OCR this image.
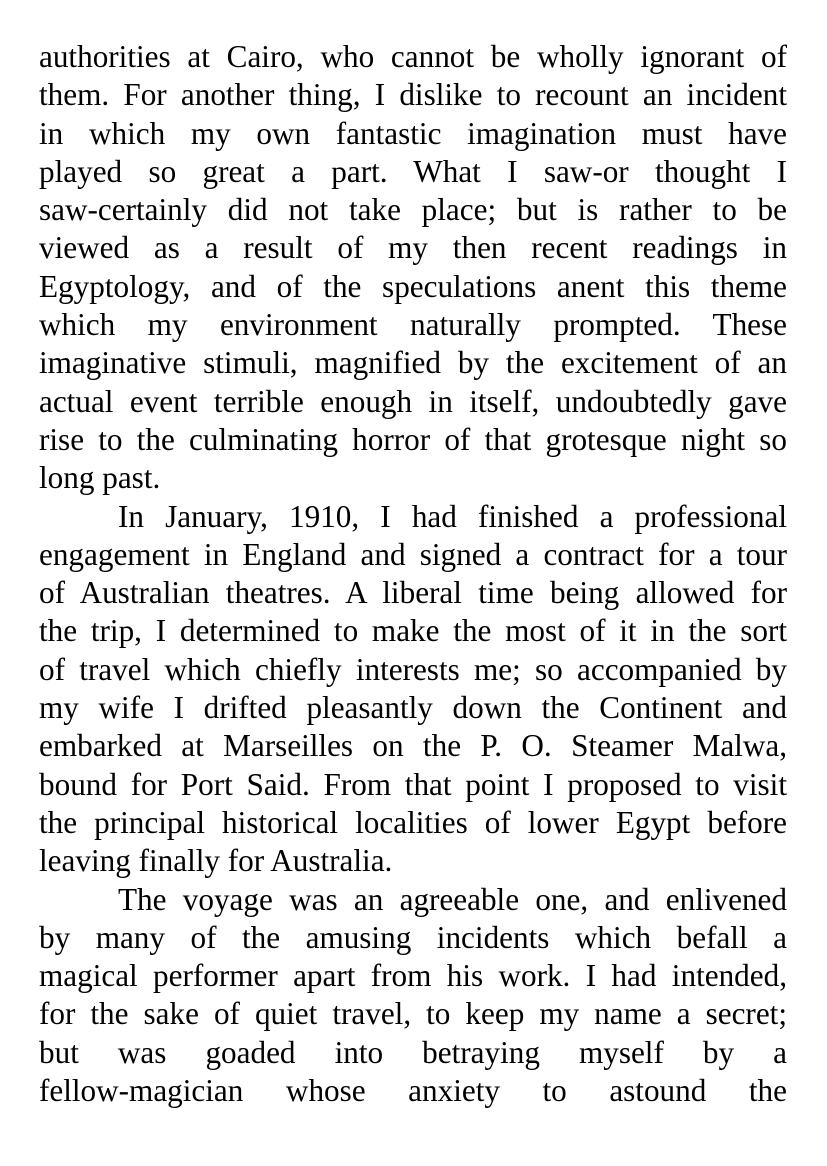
authorities at Cairo, who cannot be wholly ignorant of
them. For another thing, I dislike to recount an incident
in which my own fantastic imagination must have
played so great a part. What I saw-or thought I
saw-certainly did not take place; but is rather to be
viewed as a result of my then recent readings in
Egyptology, and of the speculations anent this theme
which my environment naturally prompted. These
imaginative stimuli, magnified by the excitement of an
actual event terrible enough in itself, undoubtedly gave
rise to the culminating horror of that grotesque night so
long past.
In January, 1910, I had finished a professional
engagement in England and signed a contract for a tour
of Australian theatres. A liberal time being allowed for
the trip, I determined to make the most of it in the sort
of travel which chiefly interests me; so accompanied by
my wife I drifted pleasantly down the Continent and
embarked at Marseilles on the P. O. Steamer Malwa,
bound for Port Said. From that point I proposed to visit
the principal historical localities of lower Egypt before
leaving finally for Australia.
The voyage was an agreeable one, and enlivened
by many of the amusing incidents which befall a
magical performer apart from his work. I had intended,
for the sake of quiet travel, to keep my name a secret;
but was goaded into betraying myself by a
fellow-magician whose anxiety to astound the
